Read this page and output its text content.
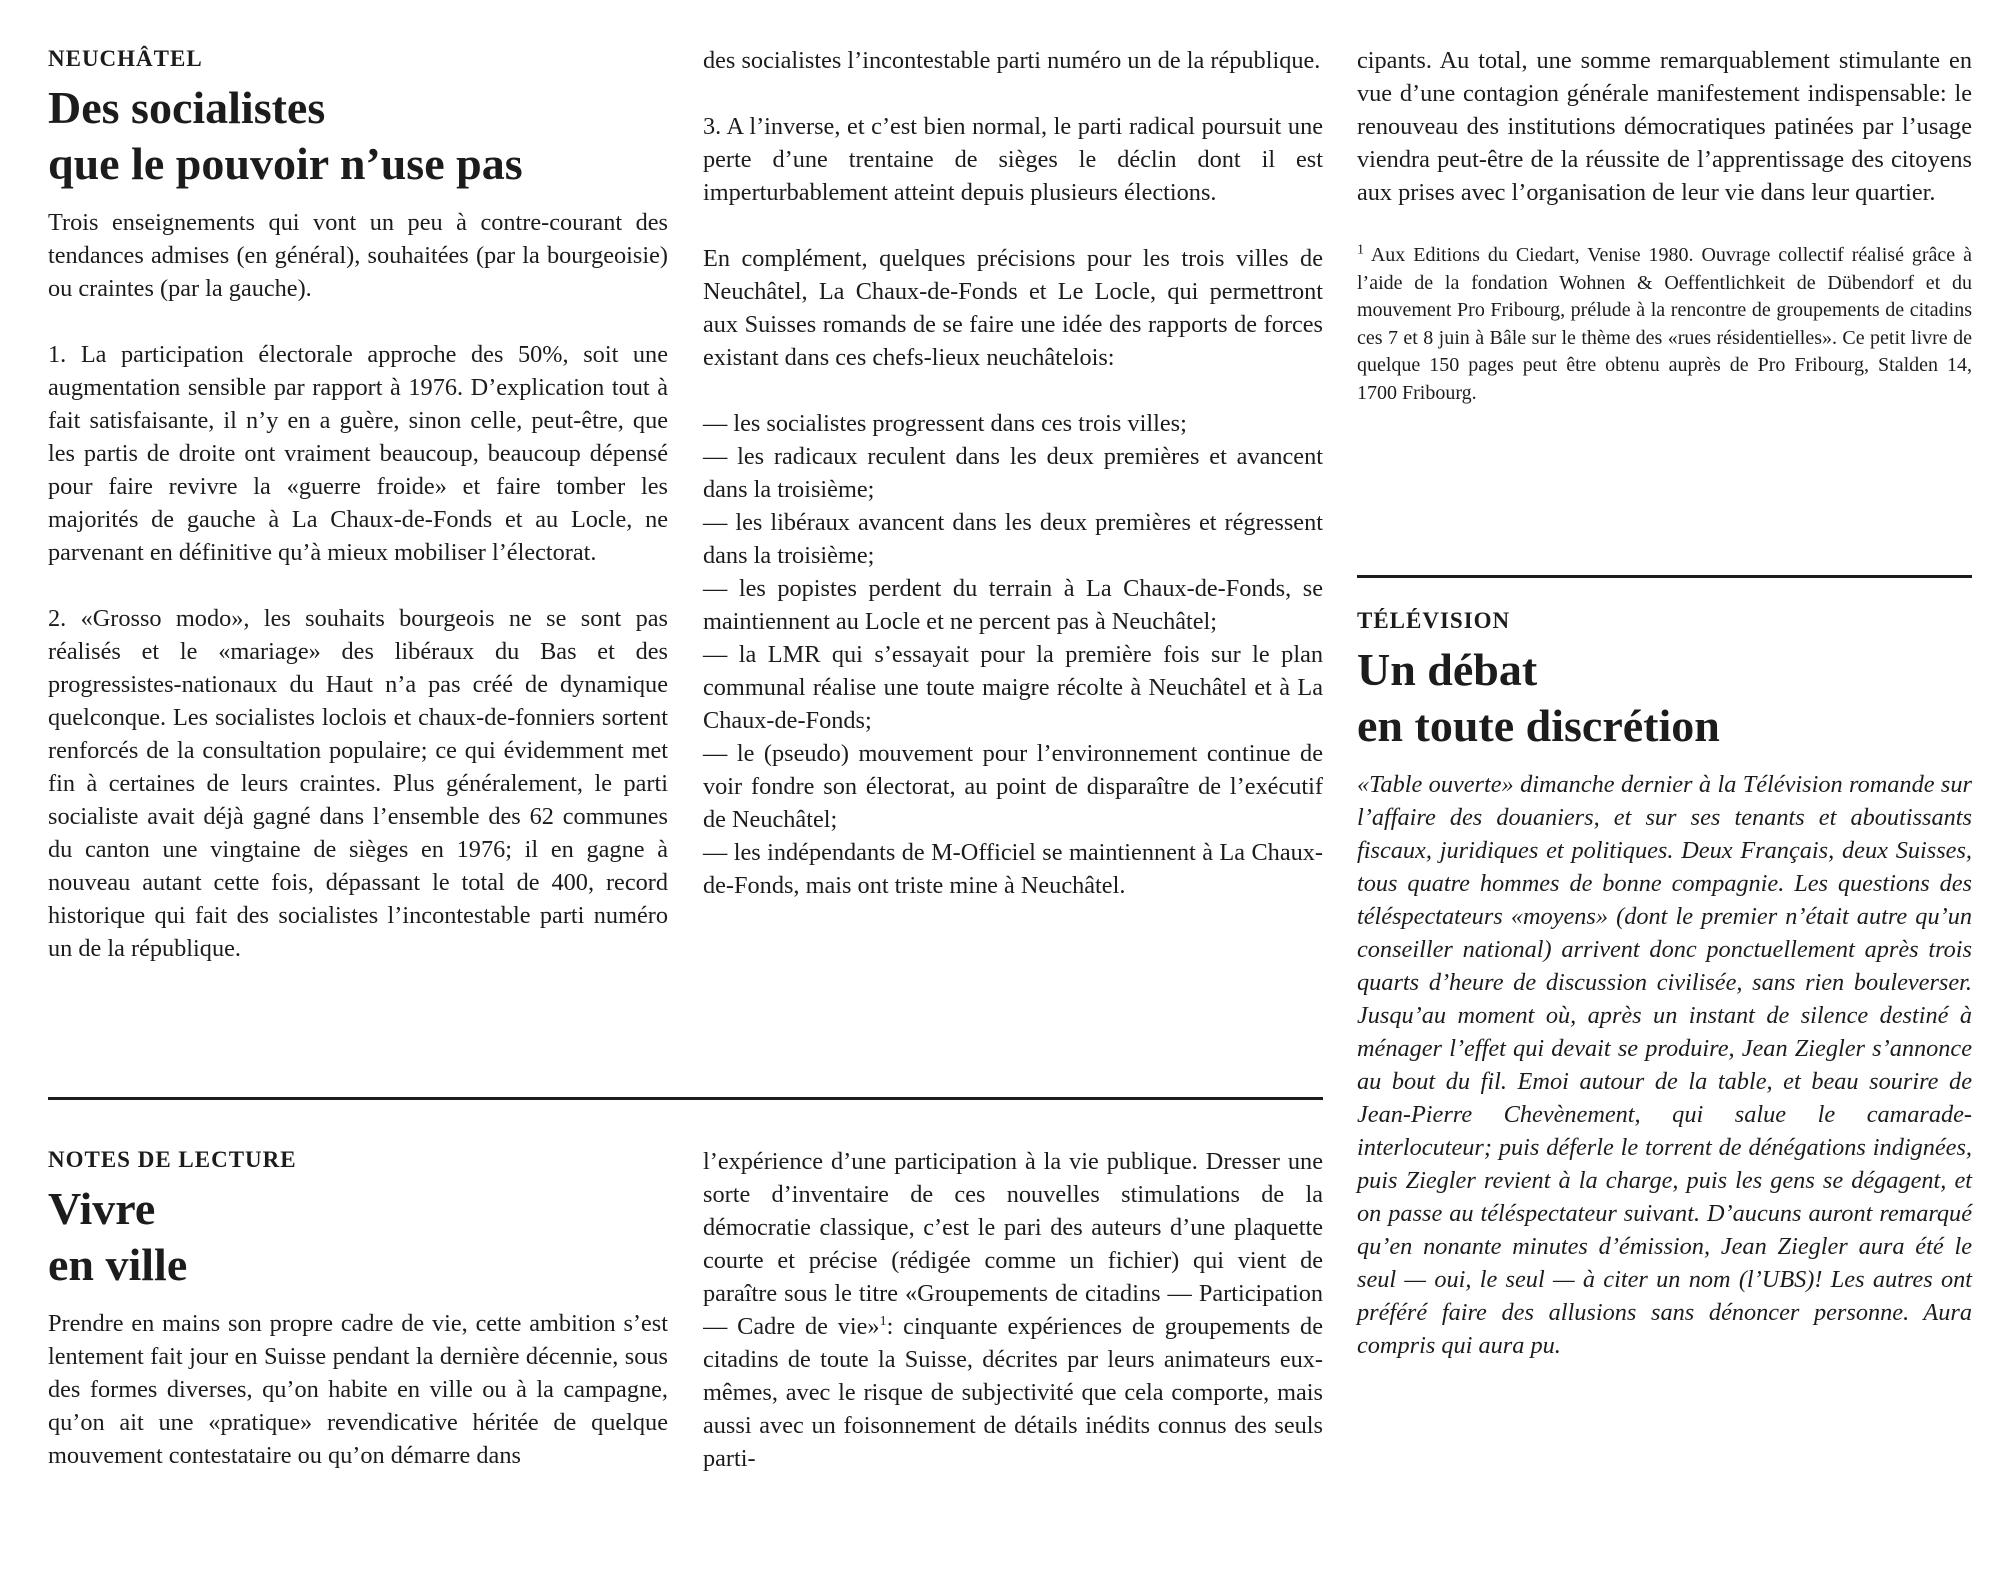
NEUCHÂTEL
Des socialistes
que le pouvoir n’use pas

Trois enseignements qui vont un peu à contre-courant des tendances admises (en général), souhaitées (par la bourgeoisie) ou craintes (par la gauche).

1. La participation électorale approche des 50%, soit une augmentation sensible par rapport à 1976. D’explication tout à fait satisfaisante, il n’y en a guère, sinon celle, peut-être, que les partis de droite ont vraiment beaucoup, beaucoup dépensé pour faire revivre la «guerre froide» et faire tomber les majorités de gauche à La Chaux-de-Fonds et au Locle, ne parvenant en définitive qu’à mieux mobiliser l’électorat.

2. «Grosso modo», les souhaits bourgeois ne se sont pas réalisés et le «mariage» des libéraux du Bas et des progressistes-nationaux du Haut n’a pas créé de dynamique quelconque. Les socialistes loclois et chaux-de-fonniers sortent renforcés de la consultation populaire; ce qui évidemment met fin à certaines de leurs craintes. Plus généralement, le parti socialiste avait déjà gagné dans l’ensemble des 62 communes du canton une vingtaine de sièges en 1976; il en gagne à nouveau autant cette fois, dépassant le total de 400, record historique qui fait des socialistes l’incontestable parti numéro un de la république.

des socialistes l’incontestable parti numéro un de la république.

3. A l’inverse, et c’est bien normal, le parti radical poursuit une perte d’une trentaine de sièges le déclin dont il est imperturbablement atteint depuis plusieurs élections.

En complément, quelques précisions pour les trois villes de Neuchâtel, La Chaux-de-Fonds et Le Locle, qui permettront aux Suisses romands de se faire une idée des rapports de forces existant dans ces chefs-lieux neuchâtelois:

— les socialistes progressent dans ces trois villes;
— les radicaux reculent dans les deux premières et avancent dans la troisième;
— les libéraux avancent dans les deux premières et régressent dans la troisième;
— les popistes perdent du terrain à La Chaux-de-Fonds, se maintiennent au Locle et ne percent pas à Neuchâtel;
— la LMR qui s’essayait pour la première fois sur le plan communal réalise une toute maigre récolte à Neuchâtel et à La Chaux-de-Fonds;
— le (pseudo) mouvement pour l’environnement continue de voir fondre son électorat, au point de disparaître de l’exécutif de Neuchâtel;
— les indépendants de M-Officiel se maintiennent à La Chaux-de-Fonds, mais ont triste mine à Neuchâtel.
NOTES DE LECTURE
Vivre
en ville

Prendre en mains son propre cadre de vie, cette ambition s’est lentement fait jour en Suisse pendant la dernière décennie, sous des formes diverses, qu’on habite en ville ou à la campagne, qu’on ait une «pratique» revendicative héritée de quelque mouvement contestataire ou qu’on démarre dans

l’expérience d’une participation à la vie publique. Dresser une sorte d’inventaire de ces nouvelles stimulations de la démocratie classique, c’est le pari des auteurs d’une plaquette courte et précise (rédigée comme un fichier) qui vient de paraître sous le titre «Groupements de citadins — Participation — Cadre de vie»$^1$: cinquante expériences de groupements de citadins de toute la Suisse, décrites par leurs animateurs eux-mêmes, avec le risque de subjectivité que cela comporte, mais aussi avec un foisonnement de détails inédits connus des seuls parti-

cipants. Au total, une somme remarquablement stimulante en vue d’une contagion générale manifestement indispensable: le renouveau des institutions démocratiques patinées par l’usage viendra peut-être de la réussite de l’apprentissage des citoyens aux prises avec l’organisation de leur vie dans leur quartier.

$^1$ Aux Editions du Ciedart, Venise 1980. Ouvrage collectif réalisé grâce à l’aide de la fondation Wohnen & Oeffentlichkeit de Dübendorf et du mouvement Pro Fribourg, prélude à la rencontre de groupements de citadins ces 7 et 8 juin à Bâle sur le thème des «rues résidentielles». Ce petit livre de quelque 150 pages peut être obtenu auprès de Pro Fribourg, Stalden 14, 1700 Fribourg.

TÉLÉVISION
Un débat
en toute discrétion

«Table ouverte» dimanche dernier à la Télévision romande sur l’affaire des douaniers, et sur ses tenants et aboutissants fiscaux, juridiques et politiques. Deux Français, deux Suisses, tous quatre hommes de bonne compagnie. Les questions des téléspectateurs «moyens» (dont le premier n’était autre qu’un conseiller national) arrivent donc ponctuellement après trois quarts d’heure de discussion civilisée, sans rien bouleverser. Jusqu’au moment où, après un instant de silence destiné à ménager l’effet qui devait se produire, Jean Ziegler s’annonce au bout du fil. Emoi autour de la table, et beau sourire de Jean-Pierre Chevènement, qui salue le camarade-interlocuteur; puis déferle le torrent de dénégations indignées, puis Ziegler revient à la charge, puis les gens se dégagent, et on passe au téléspectateur suivant. D’aucuns auront remarqué qu’en nonante minutes d’émission, Jean Ziegler aura été le seul — oui, le seul — à citer un nom (l’UBS)! Les autres ont préféré faire des allusions sans dénoncer personne. Aura compris qui aura pu.
